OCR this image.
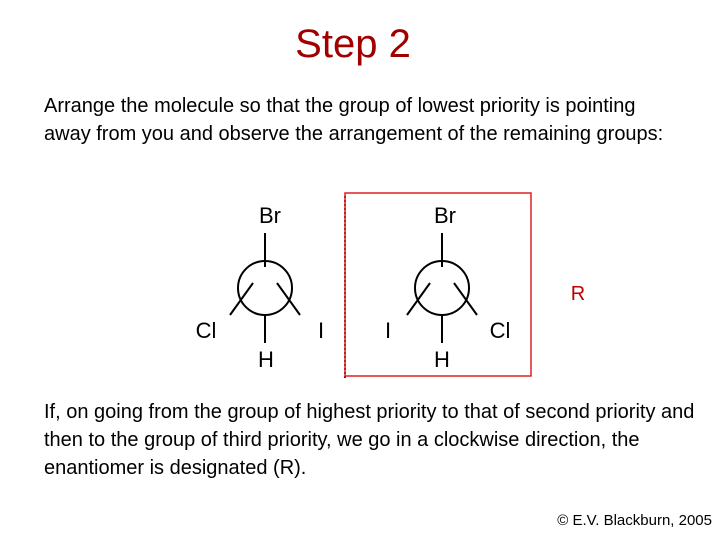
Step 2
Arrange the molecule so that the group of lowest priority is pointing away from you and observe the arrangement of the remaining groups:
Br
Cl	I
H
Br
I	Cl
H
R
If, on going from the group of highest priority to that of second priority and then to the group of third priority, we go in a clockwise direction, the enantiomer is designated (R).
© E.V. Blackburn, 2005
